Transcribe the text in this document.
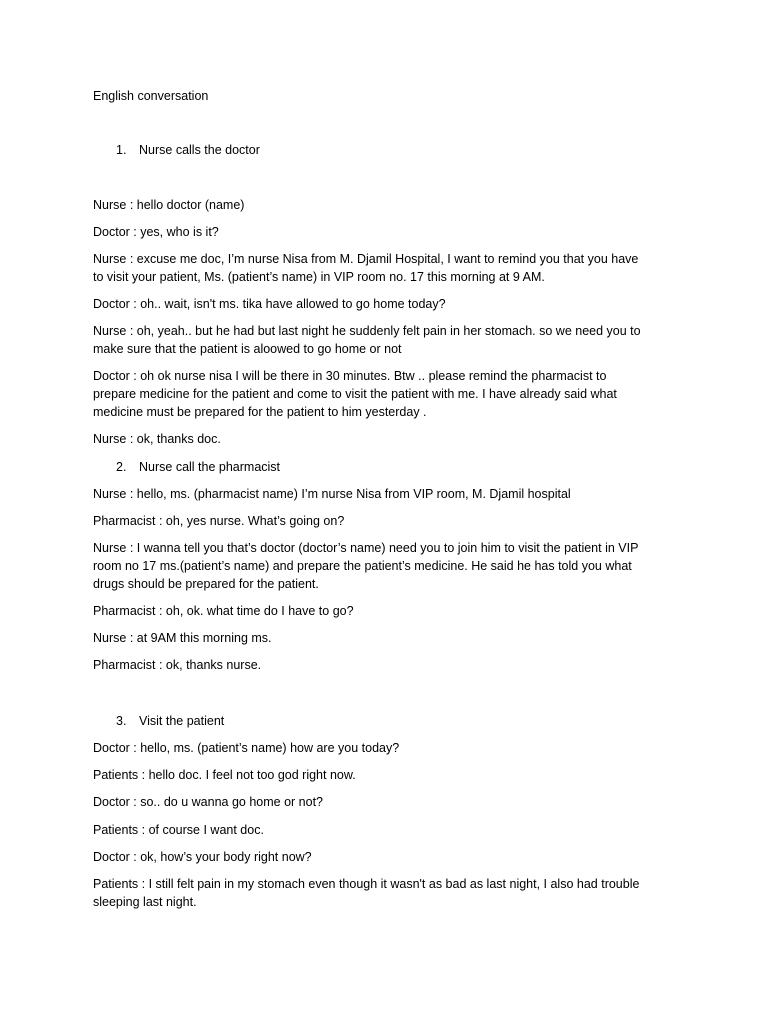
English conversation
1. Nurse calls the doctor
Nurse : hello doctor (name)
Doctor : yes, who is it?
Nurse : excuse me doc, I’m nurse Nisa from M. Djamil Hospital, I want to remind you that you have
to visit your patient, Ms. (patient’s name) in VIP room no. 17 this morning at 9 AM.
Doctor : oh.. wait, isn't ms. tika have allowed to go home today?
Nurse : oh, yeah.. but he had but last night he suddenly felt pain in her stomach. so we need you to
make sure that the patient is aloowed to go home or not
Doctor : oh ok nurse nisa I will be there in 30 minutes. Btw .. please remind the pharmacist to
prepare medicine for the patient and come to visit the patient with me. I have already said what
medicine must be prepared for the patient to him yesterday .
Nurse : ok, thanks doc.
2. Nurse call the pharmacist
Nurse : hello, ms. (pharmacist name) I’m nurse Nisa from VIP room, M. Djamil hospital
Pharmacist : oh, yes nurse. What’s going on?
Nurse : I wanna tell you that’s doctor (doctor’s name) need you to join him to visit the patient in VIP
room no 17 ms.(patient’s name) and prepare the patient’s medicine. He said he has told you what
drugs should be prepared for the patient.
Pharmacist : oh, ok. what time do I have to go?
Nurse : at 9AM this morning ms.
Pharmacist : ok, thanks nurse.
3. Visit the patient
Doctor : hello, ms. (patient’s name) how are you today?
Patients : hello doc. I feel not too god right now.
Doctor : so.. do u wanna go home or not?
Patients : of course I want doc.
Doctor : ok, how’s your body right now?
Patients : I still felt pain in my stomach even though it wasn't as bad as last night, I also had trouble
sleeping last night.
